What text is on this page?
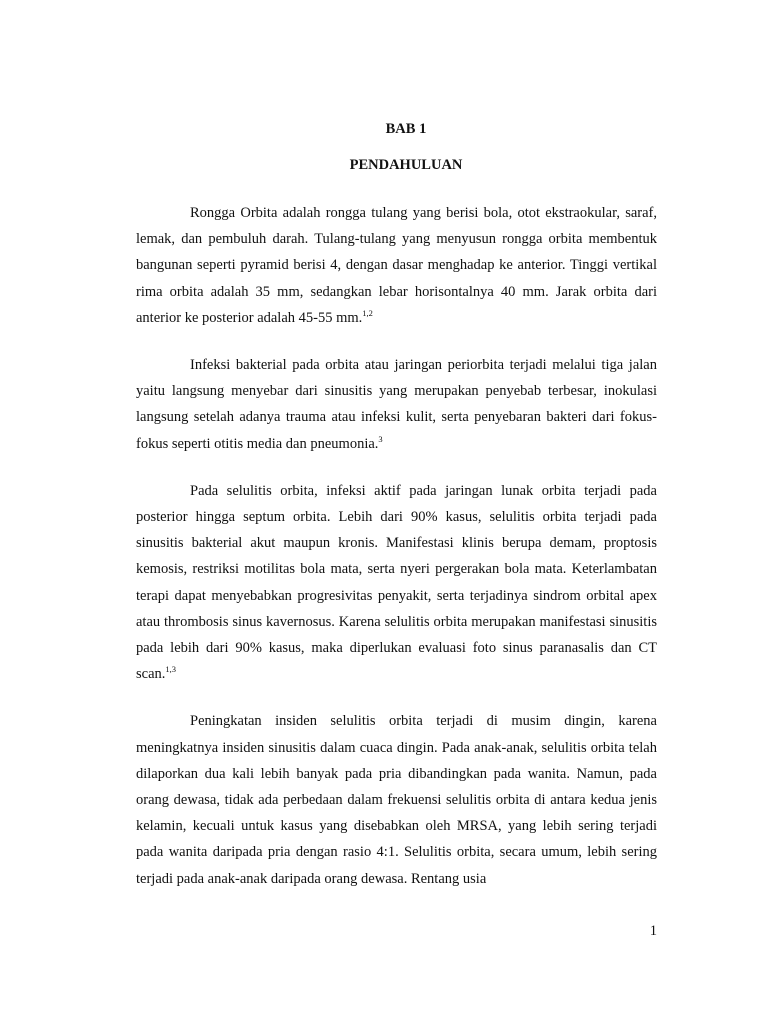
BAB 1
PENDAHULUAN

Rongga Orbita adalah rongga tulang yang berisi bola, otot ekstraokular, saraf, lemak, dan pembuluh darah. Tulang-tulang yang menyusun rongga orbita membentuk bangunan seperti pyramid berisi 4, dengan dasar menghadap ke anterior. Tinggi vertikal rima orbita adalah 35 mm, sedangkan lebar horisontalnya 40 mm. Jarak orbita dari anterior ke posterior adalah 45-55 mm.$^{1,2}$

Infeksi bakterial pada orbita atau jaringan periorbita terjadi melalui tiga jalan yaitu langsung menyebar dari sinusitis yang merupakan penyebab terbesar, inokulasi langsung setelah adanya trauma atau infeksi kulit, serta penyebaran bakteri dari fokus-fokus seperti otitis media dan pneumonia.$^3$

Pada selulitis orbita, infeksi aktif pada jaringan lunak orbita terjadi pada posterior hingga septum orbita. Lebih dari 90% kasus, selulitis orbita terjadi pada sinusitis bakterial akut maupun kronis. Manifestasi klinis berupa demam, proptosis kemosis, restriksi motilitas bola mata, serta nyeri pergerakan bola mata. Keterlambatan terapi dapat menyebabkan progresivitas penyakit, serta terjadinya sindrom orbital apex atau thrombosis sinus kavernosus. Karena selulitis orbita merupakan manifestasi sinusitis pada lebih dari 90% kasus, maka diperlukan evaluasi foto sinus paranasalis dan CT scan.$^{1,3}$

Peningkatan insiden selulitis orbita terjadi di musim dingin, karena meningkatnya insiden sinusitis dalam cuaca dingin. Pada anak-anak, selulitis orbita telah dilaporkan dua kali lebih banyak pada pria dibandingkan pada wanita. Namun, pada orang dewasa, tidak ada perbedaan dalam frekuensi selulitis orbita di antara kedua jenis kelamin, kecuali untuk kasus yang disebabkan oleh MRSA, yang lebih sering terjadi pada wanita daripada pria dengan rasio 4:1. Selulitis orbita, secara umum, lebih sering terjadi pada anak-anak daripada orang dewasa. Rentang usia

1
